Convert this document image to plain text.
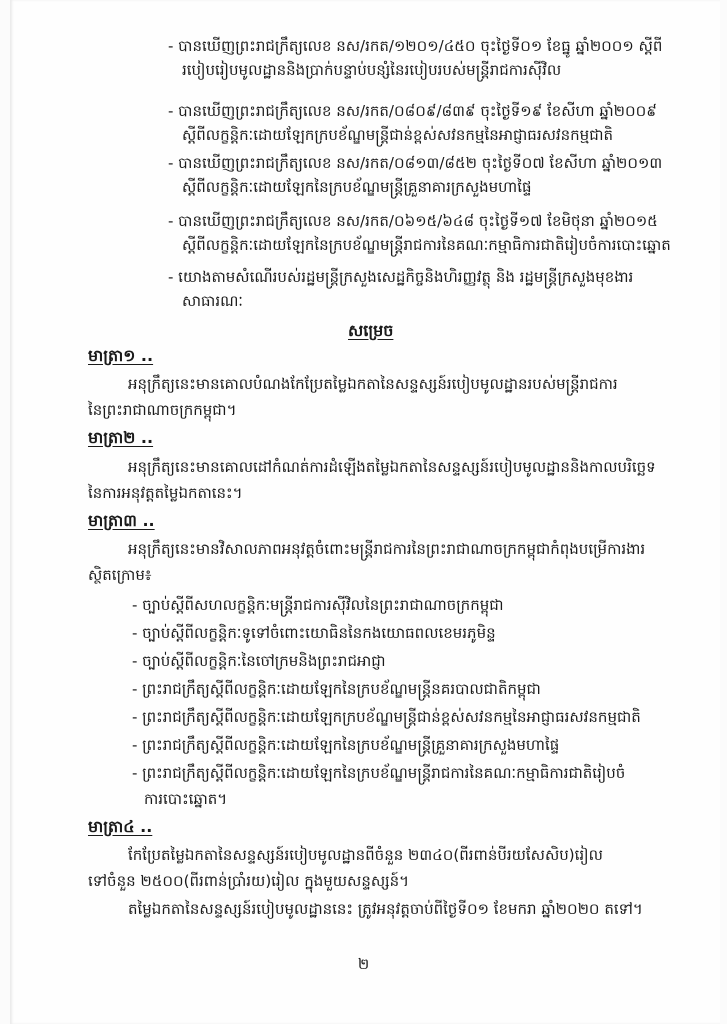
- បានឃើញព្រះរាជក្រឹត្យលេខ នស/រកត/១២០១/៤៥០ ចុះថ្ងៃទី០១ ខែធ្នូ ឆ្នាំ២០០១ ស្តីពី
របៀបរៀបមូលដ្ឋាននិងប្រាក់បន្ទាប់បន្សំនៃរបៀបរបស់មន្ត្រីរាជការស៊ីវិល
- បានឃើញព្រះរាជក្រឹត្យលេខ នស/រកត/០៨០៩/៨៣៩ ចុះថ្ងៃទី១៩ ខែសីហា ឆ្នាំ២០០៩
ស្តីពីលក្ខន្តិកៈដោយឡែកក្របខ័ណ្ឌមន្ត្រីជាន់ខ្ពស់សវនកម្មនៃអាជ្ញាធរសវនកម្មជាតិ
- បានឃើញព្រះរាជក្រឹត្យលេខ នស/រកត/០៨១៣/៨៥២ ចុះថ្ងៃទី០៧ ខែសីហា ឆ្នាំ២០១៣
ស្តីពីលក្ខន្តិកៈដោយឡែកនៃក្របខ័ណ្ឌមន្ត្រីគ្រួនាគារក្រសួងមហាផ្ទៃ
- បានឃើញព្រះរាជក្រឹត្យលេខ នស/រកត/០៦១៥/៦៤៨ ចុះថ្ងៃទី១៧ ខែមិថុនា ឆ្នាំ២០១៥
ស្តីពីលក្ខន្តិកៈដោយឡែកនៃក្របខ័ណ្ឌមន្ត្រីរាជការនៃគណៈកម្មាធិការជាតិរៀបចំការបោះឆ្នោត
- យោងតាមសំណើរបស់រដ្ឋមន្ត្រីក្រសួងសេដ្ឋកិច្ចនិងហិរញ្ញវត្ថុ និង រដ្ឋមន្ត្រីក្រសួងមុខងារ
សាធារណៈ
សម្រេច
មាត្រា១ ..
អនុក្រឹត្យនេះមានគោលបំណងកែប្រែតម្លៃឯកតានៃសន្ទស្សន៍របៀបមូលដ្ឋានរបស់មន្ត្រីរាជការ
នៃព្រះរាជាណាចក្រកម្ពុជា។
មាត្រា២ ..
អនុក្រឹត្យនេះមានគោលដៅកំណត់ការដំឡើងតម្លៃឯកតានៃសន្ទស្សន៍របៀបមូលដ្ឋាននិងកាលបរិច្ឆេទ
នៃការអនុវត្តតម្លៃឯកតានេះ។
មាត្រា៣ ..
អនុក្រឹត្យនេះមានវិសាលភាពអនុវត្តចំពោះមន្ត្រីរាជការនៃព្រះរាជាណាចក្រកម្ពុជាកំពុងបម្រើការងារ
ស្ថិតក្រោម៖
- ច្បាប់ស្តីពីសហលក្ខន្តិកៈមន្ត្រីរាជការស៊ីវិលនៃព្រះរាជាណាចក្រកម្ពុជា
- ច្បាប់ស្តីពីលក្ខន្តិកៈទូទៅចំពោះយោធិននៃកងយោធពលខេមរភូមិន្ទ
- ច្បាប់ស្តីពីលក្ខន្តិកៈនៃចៅក្រមនិងព្រះរាជអាជ្ញា
- ព្រះរាជក្រឹត្យស្តីពីលក្ខន្តិកៈដោយឡែកនៃក្របខ័ណ្ឌមន្ត្រីនគរបាលជាតិកម្ពុជា
- ព្រះរាជក្រឹត្យស្តីពីលក្ខន្តិកៈដោយឡែកក្របខ័ណ្ឌមន្ត្រីជាន់ខ្ពស់សវនកម្មនៃអាជ្ញាធរសវនកម្មជាតិ
- ព្រះរាជក្រឹត្យស្តីពីលក្ខន្តិកៈដោយឡែកនៃក្របខ័ណ្ឌមន្ត្រីគ្រួនាគារក្រសួងមហាផ្ទៃ
- ព្រះរាជក្រឹត្យស្តីពីលក្ខន្តិកៈដោយឡែកនៃក្របខ័ណ្ឌមន្ត្រីរាជការនៃគណៈកម្មាធិការជាតិរៀបចំ
ការបោះឆ្នោត។
មាត្រា៤ ..
កែប្រែតម្លៃឯកតានៃសន្ទស្សន៍របៀបមូលដ្ឋានពីចំនួន ២៣៤០(ពីរពាន់បីរយសែសិប)រៀល
ទៅចំនួន ២៥០០(ពីរពាន់ប្រាំរយ)រៀល ក្នុងមួយសន្ទស្សន៍។
តម្លៃឯកតានៃសន្ទស្សន៍របៀបមូលដ្ឋាននេះ ត្រូវអនុវត្តចាប់ពីថ្ងៃទី០១ ខែមករា ឆ្នាំ២០២០ តទៅ។
២
